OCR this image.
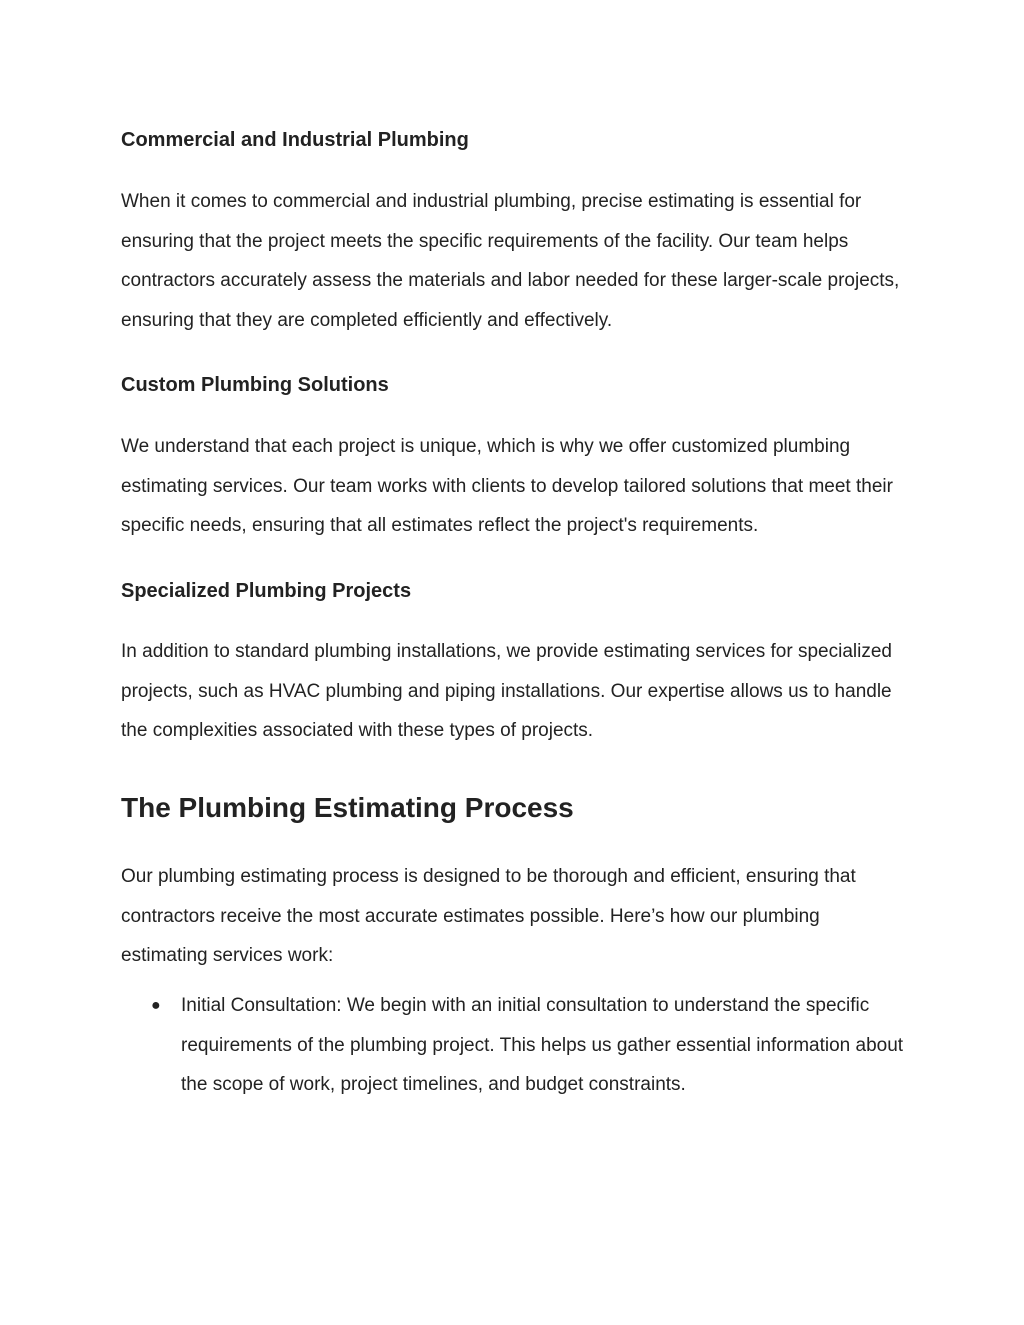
Commercial and Industrial Plumbing

When it comes to commercial and industrial plumbing, precise estimating is essential for ensuring that the project meets the specific requirements of the facility. Our team helps contractors accurately assess the materials and labor needed for these larger-scale projects, ensuring that they are completed efficiently and effectively.

Custom Plumbing Solutions

We understand that each project is unique, which is why we offer customized plumbing estimating services. Our team works with clients to develop tailored solutions that meet their specific needs, ensuring that all estimates reflect the project's requirements.

Specialized Plumbing Projects

In addition to standard plumbing installations, we provide estimating services for specialized projects, such as HVAC plumbing and piping installations. Our expertise allows us to handle the complexities associated with these types of projects.

The Plumbing Estimating Process

Our plumbing estimating process is designed to be thorough and efficient, ensuring that contractors receive the most accurate estimates possible. Here’s how our plumbing estimating services work:

● Initial Consultation: We begin with an initial consultation to understand the specific requirements of the plumbing project. This helps us gather essential information about the scope of work, project timelines, and budget constraints.
